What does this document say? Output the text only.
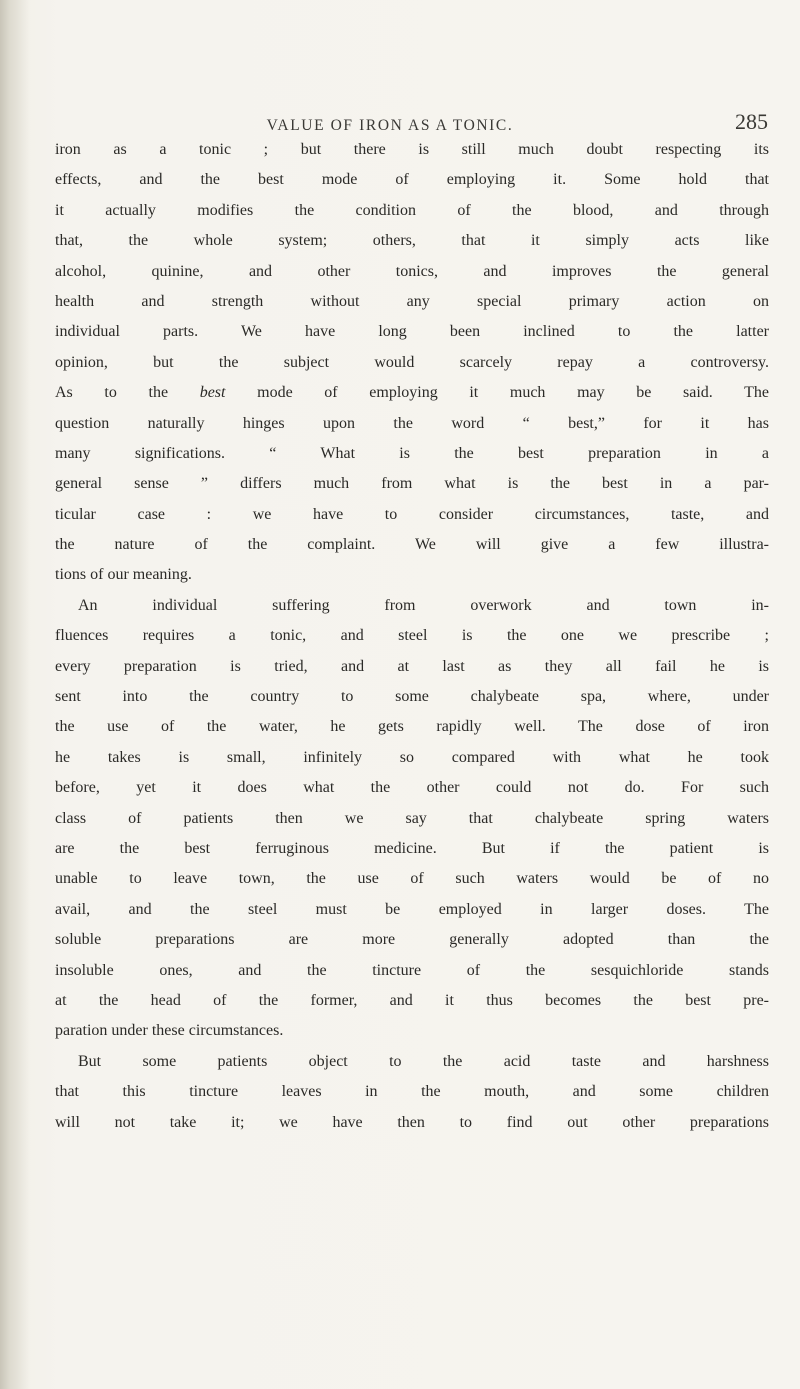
VALUE OF IRON AS A TONIC.	285
iron as a tonic ; but there is still much doubt respecting its
effects, and the best mode of employing it. Some hold that
it actually modifies the condition of the blood, and through
that, the whole system; others, that it simply acts like
alcohol, quinine, and other tonics, and improves the general
health and strength without any special primary action on
individual parts. We have long been inclined to the latter
opinion, but the subject would scarcely repay a controversy.
As to the best mode of employing it much may be said. The
question naturally hinges upon the word “ best,” for it has
many significations. “ What is the best preparation in a
general sense ” differs much from what is the best in a par-
ticular case : we have to consider circumstances, taste, and
the nature of the complaint. We will give a few illustra-
tions of our meaning.
An individual suffering from overwork and town in-
fluences requires a tonic, and steel is the one we prescribe ;
every preparation is tried, and at last as they all fail he is
sent into the country to some chalybeate spa, where, under
the use of the water, he gets rapidly well. The dose of iron
he takes is small, infinitely so compared with what he took
before, yet it does what the other could not do. For such
class of patients then we say that chalybeate spring waters
are the best ferruginous medicine. But if the patient is
unable to leave town, the use of such waters would be of no
avail, and the steel must be employed in larger doses. The
soluble preparations are more generally adopted than the
insoluble ones, and the tincture of the sesquichloride stands
at the head of the former, and it thus becomes the best pre-
paration under these circumstances.
But some patients object to the acid taste and harshness
that this tincture leaves in the mouth, and some children
will not take it; we have then to find out other preparations
